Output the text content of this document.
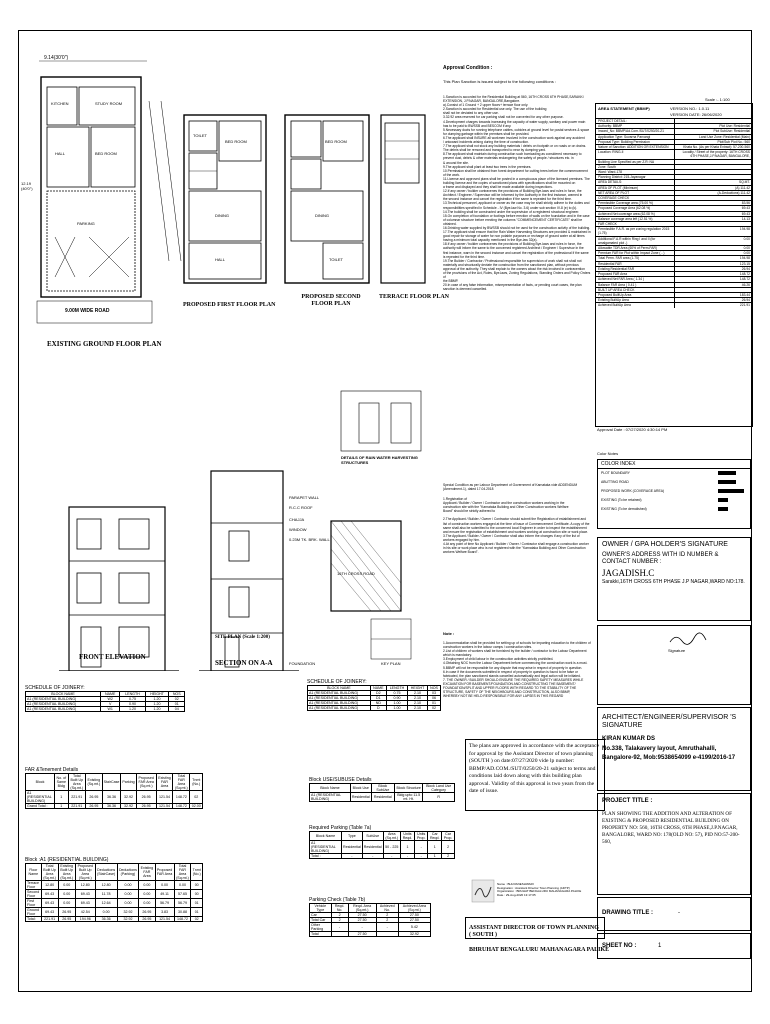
9.14(30'0")
12.19 (40'0")
KITCHEN	STUDY ROOM
HALL	BED ROOM
PARKING
9.00M WIDE ROAD
EXISTING GROUND FLOOR PLAN
TOILET
BED ROOM
DINING
HALL
PROPOSED FIRST FLOOR PLAN
BED ROOM
DINING
TOILET
PROPOSED SECOND FLOOR PLAN
TERRACE FLOOR PLAN
DETAILS OF RAIN WATER HARVESTING STRUCTURES
PARAPET WALL
R.C.C ROOF
CHAJJA
WINDOW
0.23M TK. BRK. WALL
FOUNDATION
16TH CROSS ROAD
KEY PLAN
SITE PLAN (Scale 1:200)
FRONT ELEVATION
SECTION ON A-A
SCHEDULE OF JOINERY:
BLOCK NAME	NAME	LENGTH	HEIGHT	NOS
A1 (RESIDENTIAL BUILDING)	W2	0.75	1.20	02
A1 (RESIDENTIAL BUILDING)	V	0.90	1.20	01
A1 (RESIDENTIAL BUILDING)	W1	1.20	1.20	04
FAR &Tenement Details
Block	No. of Same Bldg	Total Built Up Area (Sq.mt.)	Existing (Sq.mt.)	StairCase	Parking	Proposed FAR Area (Sq.mt.)	Existing FAR Area	Total FAR Area (Sq.mt.)	Tnmt (No.)
A1 (RESIDENTIAL BUILDING)	1	221.91	26.95	36.36	32.92	26.95	121.54	148.72	02
Grand Total :	1	221.91	26.95	36.36	32.92	26.95	121.54	148.72	02.00
Block :A1 (RESIDENTIAL BUILDING)
Floor Name	Total Built Up Area (Sq.mt.)	Existing Built Up Area (Sq.mt.)	Proposed Built Up Area (Sq.mt.)	Deductions (StairCase)	Deductions (Parking)	Existing FAR Area	Proposed FAR Area	Total FAR Area (Sq.mt.)	Tnmt (No.)
Terrace Floor	12.80	0.00	12.80	12.80	0.00	0.00	0.00	0.00	00
Second Floor	69.43	0.00	69.43	11.78	0.00	0.00	49.11	57.65	00
First Floor	69.43	0.00	69.43	12.64	0.00	0.00	56.79	56.79	01
Ground Floor	69.43	26.95	42.54	0.00	32.92	26.95	3.83	30.88	01
Total:	221.91	26.95	194.96	36.36	32.92	26.95	121.54	148.72	02
SCHEDULE OF JOINERY:
BLOCK NAME	NAME	LENGTH	HEIGHT	NOS
A1 (RESIDENTIAL BUILDING)	D2	0.75	2.10	03
A1 (RESIDENTIAL BUILDING)	D1	0.90	2.10	06
A1 (RESIDENTIAL BUILDING)	ND	1.00	2.10	01
A1 (RESIDENTIAL BUILDING)	D	1.00	2.10	02
Block USE/SUBUSE Details
Block Name	Block Use	Block SubUse	Block Structure	Block Land Use Category
A1 (RESIDENTIAL BUILDING)	Residential	Residential	Bldg upto 11.5 mt. Ht.	R
Required Parking (Table 7a)
Block Name	Type	SubUse	Area (Sq.mt.)	Units Reqd.	Units Prop.	Car Reqd.	Car Prop.
A1 (RESIDENTIAL BUILDING)	Residential	Residential	50 - 225	1	-	1	2
Total :	-	-	-	-	-	1	2
Parking Check (Table 7b)
Vehicle Type	Reqd. No.	Reqd. Area (Sq.mt.)	Achieved No.	Achieved Area (Sq.mt.)
Car	2	27.50	2	27.50
Total Car	2	27.50	2	27.50
Other Parking	-	-	-	5.42
Total		27.50		32.92
Approval Condition :
This Plan Sanction is issued subject to the following conditions :
1.Sanction is accorded for the Residential Building at 560, 16TH CROSS 6TH PHASE,SARAKKI EXTENSION, J.P.NAGAR, BANGALORE,Bangalore.
a).Consist of 1 Ground + 2 upper floors+ terrace floor only.
2.Sanction is accorded for Residential use only. The use of the building
shall not be deviated to any other use.
3.32.92 area reserved for car parking shall not be converted for any other purpose.
4.Development charges towards increasing the capacity of water supply, sanitary and power main
has to be paid to BWSSB and BESCOM if any.
5.Necessary ducts for running telephone cables, cubicles at ground level for postal services & space
for dumping garbage within the premises shall be provided.
6.The applicant shall INSURE all workmen involved in the construction work against any accident
/ untoward incidents arising during the time of construction.
7.The applicant shall not stock any building materials / debris on footpath or on roads or on drains.
The debris shall be removed and transported to near by dumping yard.
8.The applicant shall maintain during construction such barricading as considered necessary to
prevent dust, debris & other materials endangering the safety of people / structures etc. in
& around the site.
9.The applicant shall plant at least two trees in the premises.
10.Permission shall be obtained from forest department for cutting trees before the commencement
of the work.
11.License and approved plans shall be posted in a conspicuous place of the licensed premises. The
building license and the copies of sanctioned plans with specifications shall be mounted on
a frame and displayed and they shall be made available during inspections.
12.If any owner / builder contravenes the provisions of Building Bye-laws and rules in force, the
Architect / Engineer / Supervisor will be informed by the Authority in the first instance, warned in
the second instance and cancel the registration if the same is repeated for the third time.
13.Technical personnel, applicant or owner as the case may be shall strictly adhere to the duties and
responsibilities specified in Schedule - IV (Bye-law No. 3.6) under sub section IV-8 (e) to (k).
14.The building shall be constructed under the supervision of a registered structural engineer.
15.On completion of foundation or footings before erection of walls on the foundation and in the case
of columnar structure before erecting the columns "COMMENCEMENT CERTIFICATE" shall be obtained.
16.Drinking water supplied by BWSSB should not be used for the construction activity of the building.
17.The applicant shall ensure that the Rain Water Harvesting Structures are provided & maintained in
good repair for storage of water for non potable purposes or recharge of ground water at all times
having a minimum total capacity mentioned in the Bye-law 32(a).
18.If any owner / builder contravenes the provisions of Building Bye-laws and rules in force, the
authority will inform the same to the concerned registered Architect / Engineer / Supervisor in the
first instance, warn in the second instance and cancel the registration of the professional if the same
is repeated for the third time.
19.The Builder / Contractor / Professional responsible for supervision of work shall not shall not
materially and structurally deviate the construction from the sanctioned plan, without previous
approval of the authority. They shall explain to the owners about the risk involved in contravention
of the provisions of the Act, Rules, Bye-laws, Zoning Regulations, Standing Orders and Policy Orders of
the BBMP.
20.In case of any false information, misrepresentation of facts, or pending court cases, the plan
sanction is deemed cancelled.
Special Condition as per Labour Department of Government of Karnataka vide ADDENDUM (Amendment-1), dated 17.04.2018
1.Registration of
Applicant / Builder / Owner / Contractor and the construction workers working in the
construction site with the "Karnataka Building and Other Construction workers Welfare
Board" should be strictly adhered to

2.The Applicant / Builder / Owner / Contractor should submit the Registration of establishment and
list of construction workers engaged at the time of issue of Commencement Certificate. A copy of the
same shall also be submitted to the concerned local Engineer in order to inspect the establishment
and ensure the registration of establishment and workers working at construction site or work place.
3.The Applicant / Builder / Owner / Contractor shall also inform the changes if any of the list of
workers engaged by him.
4.At any point of time No Applicant / Builder / Owner / Contractor shall engage a construction worker
in his site or work place who is not registered with the "Karnataka Building and Other Construction
workers Welfare Board".
Note :
1.Accommodation shall be provided for setting up of schools for imparting education to the children of
construction workers in the labour camps / construction sites.
2.List of children of workers shall be furnished by the builder / contractor to the Labour Department
which is mandatory.
3.Employment of child labour in the construction activities strictly prohibited.
4.Obtaining NOC from the Labour Department before commencing the construction work is a must.
5.BBMP will not be responsible for any dispute that may arise in respect of property in question.
6.In case if the documents submitted in respect of property in question is found to be false or
fabricated, the plan sanctioned stands cancelled automatically and legal action will be initiated.
7. THE OWNER / BUILDER SHOULD ENSURE THE REQUIRED SAFETY MEASURES WHILE
EXCAVATION FOR BASEMENT/FOUNDATION AND CONSTRUCTING THE BASEMENT/
FOUNDATION/SPLIT AND UPPER FLOORS WITH REGARD TO THE STABILITY OF THE
STRUCTURE, SAFETY OF THE NEIGHBOURS AND CONSTRUCTION, ALSO BBMP,
WHEREBY NOT BE HELD RESPONSIBLE FOR ANY LAPSES IN THIS REGARD
The plans are approved in accordance with the acceptance for approval by the Assistant Director of town planning (SOUTH ) on date:07/27/2020 vide lp number: BBMP/AD.COM./SUT/0250/20-21 subject to terms and conditions laid down along with this building plan approval. Validity of this approval is two years from the date of issue.
Name : BHUVANESHWARI
Designation : Assistant Director Town Planning (ADTP)
Organization : BRUHAT BENGALURU MAHANAGARA PALIKE
Date : 29-Aug-2020 13:17:05
ASSISTANT DIRECTOR OF TOWN PLANNING ( SOUTH )
BHRUHAT BENGALURU MAHANAGARA PALIKE
Scale :- 1:100
AREA STATEMENT (BBMP)	VERSION NO.: 1.0.11
VERSION DATE: 26/06/2020
PROJECT DETAIL :
Authority: BBMP	Plot Use: Residential
Inward_No: BBMP/Ad.Com./SUT/0250/20-21	Plot SubUse: Residential
Application Type: Suvarna Parvangi	Land Use Zone: Residential (Main)
Proposal Type: Building Permission	Plot/Sub Plot No.: 560
Nature of Sanction: ADDITION OR EXTENSION	Khata No. (As per Khata Extract): 57-200-560
Location: RING-II	Locality / Street of the property: 16TH CROSS 6TH PHASE,J.P.NAGAR, BANGALORE,
Building Line Specified as per Z.R: NA
Zone: South
Ward: Ward-178
Planning District: 215-Jayanagar
AREA DETAILS:	SQ.MT.
AREA OF PLOT (Minimum)	(A) 111.42
NET AREA OF PLOT	(A-Deductions) 111.42
COVERAGE CHECK
Permissible Coverage area (75.00 %)	83.56
Proposed Coverage Area (62.08 %)	69.43
Achieved Net coverage area (62.08 %)	69.43
Balance coverage area left (12.51 %)	14.13
FAR CHECK
Permissible F.A.R. as per zoning regulation 2015 (1.75)
194.98
Additional F.A.R within Ring I and II (for amalgamated plot -)
0.00
Allowable TDR Area (60% of Perm.FAR)	0.00
Premium FAR for Plot within Impact Zone ( - )	0.00
Total Perm. FAR area (1.75)	194.98
Residential FAR	123.15
Existing Residential FAR	26.94
Proposed FAR Area	148.72
Achieved Net FAR Area ( 1.34 )	148.72
Balance FAR Area ( 0.41 )	46.26
BUILT UP AREA CHECK
Proposed BuiltUp Area	183.44
Existing BuiltUp Area	26.94
Achieved BuiltUp Area	221.91
Approval Date : 07/27/2020 4:30:14 PM
Color Notes
COLOR INDEX
PLOT BOUNDARY
ABUTTING ROAD
PROPOSED WORK (COVERAGE AREA)
EXISTING (To be retained)
EXISTING (To be demolished)
OWNER / GPA HOLDER'S SIGNATURE
OWNER'S ADDRESS WITH ID NUMBER & CONTACT NUMBER :
JAGADISH.C
Sarakki,16TH CROSS 6TH PHASE J.P NAGAR,WARD NO:178.
Signature
ARCHITECT/ENGINEER/SUPERVISOR 'S SIGNATURE
KIRAN KUMAR DS
No.338, Talakavery layout, Amruthahalli, Bangalore-92, Mob:9538654099 e-4199/2016-17
PROJECT TITLE :
PLAN SHOWING THE ADDITION AND ALTERATION OF EXISTING & PROPOSED RESIDENTIAL BUILDING ON PROPERTY NO: 560, 16TH CROSS, 6TH PHASE,J.P.NAGAR, BANGALORE, WARD NO: 178(OLD NO: 57), PID NO:57-200-560,
DRAWING TITLE :	-
SHEET NO :	1
